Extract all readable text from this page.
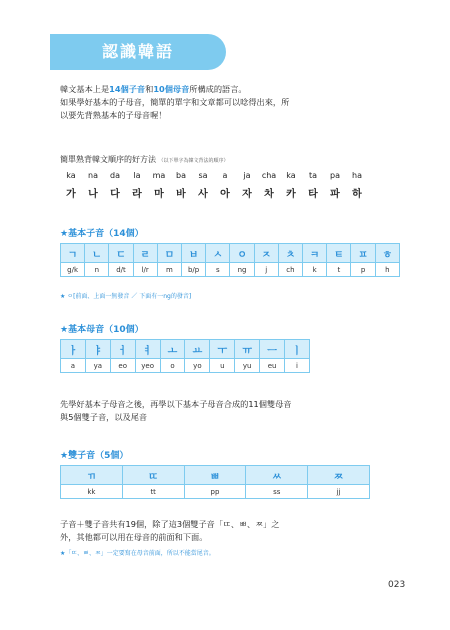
認識韓語
韓文基本上是14個子音和10個母音所構成的語言。
如果學好基本的子母音，簡單的單字和文章都可以唸得出來，所
以要先背熟基本的子母音喔！
簡單熟背韓文順序的好方法 （以下單字為韓文背法的順序）
ka	na	da	la	ma	ba	sa	a	ja	cha	ka	ta	pa	ha
가	나	다	라	마	바	사	아	자	차	카	타	파	하
★基本子音（14個）
ㄱ	ㄴ	ㄷ	ㄹ	ㅁ	ㅂ	ㅅ	ㅇ	ㅈ	ㅊ	ㅋ	ㅌ	ㅍ	ㅎ
g/k	n	d/t	l/r	m	b/p	s	ng	j	ch	k	t	p	h
★ ㅇ[前面、上面一無發音 ／ 下面有一ng的發音]
★基本母音（10個）
ㅏ	ㅑ	ㅓ	ㅕ	ㅗ	ㅛ	ㅜ	ㅠ	ㅡ	ㅣ
a	ya	eo	yeo	o	yo	u	yu	eu	i
先學好基本子母音之後，再學以下基本子母音合成的11個雙母音
與5個雙子音，以及尾音
★雙子音（5個）
ㄲ	ㄸ	ㅃ	ㅆ	ㅉ
kk	tt	pp	ss	jj
子音＋雙子音共有19個，除了這3個雙子音「ㄸ、ㅃ、ㅉ」之
外，其他都可以用在母音的前面和下面。
★「ㄸ、ㅃ、ㅉ」一定要寫在母音前面，所以不能當尾音。
023
